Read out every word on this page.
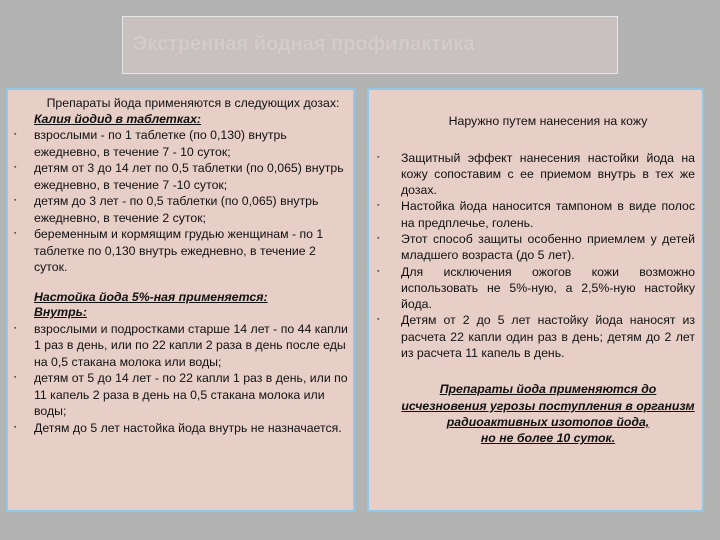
Экстренная йодная профилактика

Препараты йода применяются в следующих дозах:

Калия йодид в таблетках:

▪ взрослыми - по 1 таблетке (по 0,130) внутрь ежедневно, в течение 7 - 10 суток;
▪ детям от 3 до 14 лет по 0,5 таблетки (по 0,065) внутрь ежедневно, в течение 7 -10 суток;
▪ детям до 3 лет - по 0,5 таблетки (по 0,065) внутрь ежедневно, в течение 2 суток;
▪ беременным и кормящим грудью женщинам - по 1 таблетке по 0,130 внутрь ежедневно, в течение 2 суток.

Настойка йода 5%-ная применяется:

Внутрь:

▪ взрослыми и подростками старше 14 лет - по 44 капли 1 раз в день, или по 22 капли 2 раза в день после еды на 0,5 стакана молока или воды;
▪ детям от 5 до 14 лет - по 22 капли 1 раз в день, или по 11 капель 2 раза в день на 0,5 стакана молока или воды;
▪ Детям до 5 лет настойка йода внутрь не назначается.

Наружно путем нанесения на кожу

▪ Защитный эффект нанесения настойки йода на кожу сопоставим с ее приемом внутрь в тех же дозах.
▪ Настойка йода наносится тампоном в виде полос на предплечье, голень.
▪ Этот способ защиты особенно приемлем у детей младшего возраста (до 5 лет).
▪ Для исключения ожогов кожи возможно использовать не 5%-ную, а 2,5%-ную настойку йода.
▪ Детям от 2 до 5 лет настойку йода наносят из расчета 22 капли один раз в день; детям до 2 лет из расчета 11 капель в день.
Препараты йода применяются до исчезновения угрозы поступления в организм радиоактивных изотопов йода,
но не более 10 суток.
